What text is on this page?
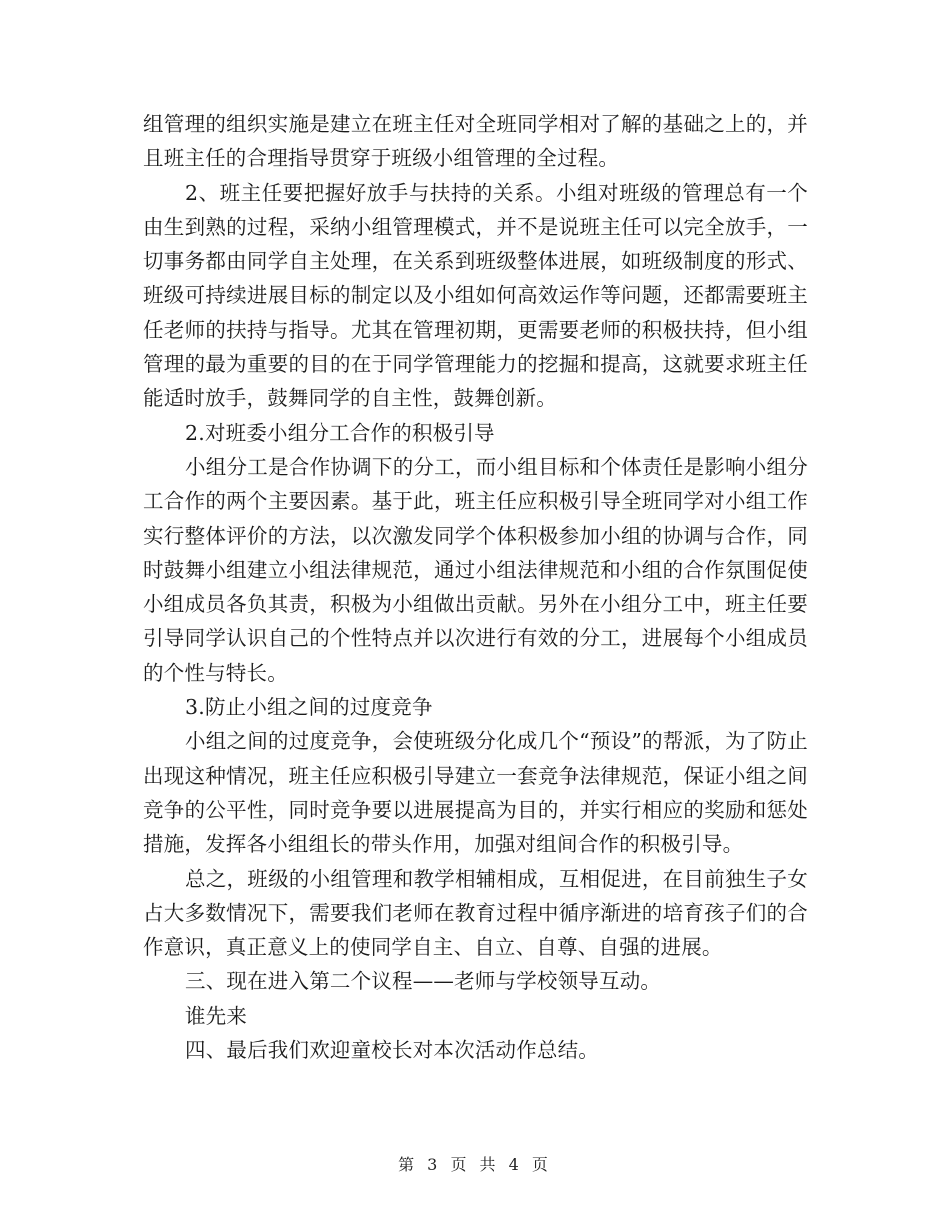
组管理的组织实施是建立在班主任对全班同学相对了解的基础之上的，并且班主任的合理指导贯穿于班级小组管理的全过程。

2、班主任要把握好放手与扶持的关系。小组对班级的管理总有一个由生到熟的过程，采纳小组管理模式，并不是说班主任可以完全放手，一切事务都由同学自主处理，在关系到班级整体进展，如班级制度的形式、班级可持续进展目标的制定以及小组如何高效运作等问题，还都需要班主任老师的扶持与指导。尤其在管理初期，更需要老师的积极扶持，但小组管理的最为重要的目的在于同学管理能力的挖掘和提高，这就要求班主任能适时放手，鼓舞同学的自主性，鼓舞创新。

2.对班委小组分工合作的积极引导

小组分工是合作协调下的分工，而小组目标和个体责任是影响小组分工合作的两个主要因素。基于此，班主任应积极引导全班同学对小组工作实行整体评价的方法，以次激发同学个体积极参加小组的协调与合作，同时鼓舞小组建立小组法律规范，通过小组法律规范和小组的合作氛围促使小组成员各负其责，积极为小组做出贡献。另外在小组分工中，班主任要引导同学认识自己的个性特点并以次进行有效的分工，进展每个小组成员的个性与特长。

3.防止小组之间的过度竞争

小组之间的过度竞争，会使班级分化成几个“预设”的帮派，为了防止出现这种情况，班主任应积极引导建立一套竞争法律规范，保证小组之间竞争的公平性，同时竞争要以进展提高为目的，并实行相应的奖励和惩处措施，发挥各小组组长的带头作用，加强对组间合作的积极引导。

总之，班级的小组管理和教学相辅相成，互相促进，在目前独生子女占大多数情况下，需要我们老师在教育过程中循序渐进的培育孩子们的合作意识，真正意义上的使同学自主、自立、自尊、自强的进展。

三、现在进入第二个议程——老师与学校领导互动。

谁先来

四、最后我们欢迎童校长对本次活动作总结。

第 3 页 共 4 页
